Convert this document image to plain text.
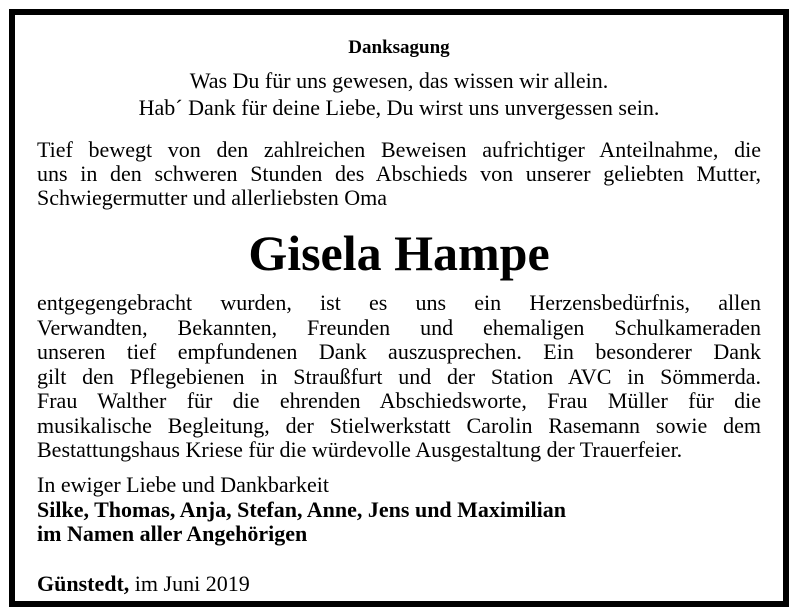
Danksagung
Was Du für uns gewesen, das wissen wir allein.
Hab´ Dank für deine Liebe, Du wirst uns unvergessen sein.
Tief bewegt von den zahlreichen Beweisen aufrichtiger Anteilnahme, die
uns in den schweren Stunden des Abschieds von unserer geliebten Mutter,
Schwiegermutter und allerliebsten Oma
Gisela Hampe
entgegengebracht wurden, ist es uns ein Herzensbedürfnis, allen
Verwandten, Bekannten, Freunden und ehemaligen Schulkameraden
unseren tief empfundenen Dank auszusprechen. Ein besonderer Dank
gilt den Pflegebienen in Straußfurt und der Station AVC in Sömmerda.
Frau Walther für die ehrenden Abschiedsworte, Frau Müller für die
musikalische Begleitung, der Stielwerkstatt Carolin Rasemann sowie dem
Bestattungshaus Kriese für die würdevolle Ausgestaltung der Trauerfeier.
In ewiger Liebe und Dankbarkeit
Silke, Thomas, Anja, Stefan, Anne, Jens und Maximilian
im Namen aller Angehörigen
Günstedt, im Juni 2019
